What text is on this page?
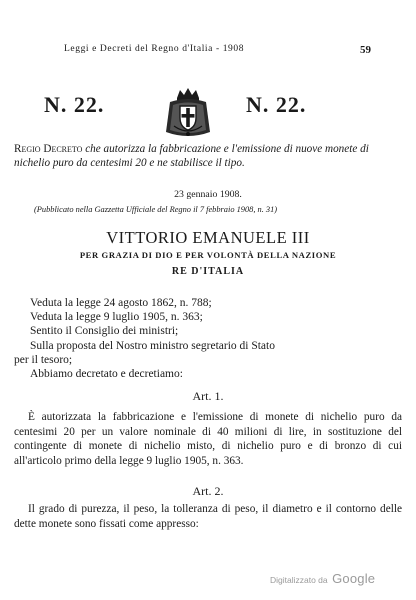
Leggi e Decreti del Regno d'Italia - 1908	59
N. 22.	N. 22.
Regio Decreto che autorizza la fabbricazione e l'emissione di nuove monete di nichelio puro da centesimi 20 e ne stabilisce il tipo.
23 gennaio 1908.
(Pubblicato nella Gazzetta Ufficiale del Regno il 7 febbraio 1908, n. 31)
VITTORIO EMANUELE III
PER GRAZIA DI DIO E PER VOLONTÀ DELLA NAZIONE
RE D'ITALIA
Veduta la legge 24 agosto 1862, n. 788;
Veduta la legge 9 luglio 1905, n. 363;
Sentito il Consiglio dei ministri;
Sulla proposta del Nostro ministro segretario di Stato
per il tesoro;
Abbiamo decretato e decretiamo:
Art. 1.
È autorizzata la fabbricazione e l'emissione di monete di nichelio puro da centesimi 20 per un valore nominale di 40 milioni di lire, in sostituzione del contingente di monete di nichelio misto, di nichelio puro e di bronzo di cui all'articolo primo della legge 9 luglio 1905, n. 363.
Art. 2.
Il grado di purezza, il peso, la tolleranza di peso, il diametro e il contorno delle dette monete sono fissati come appresso:
Digitalizzato da Google
